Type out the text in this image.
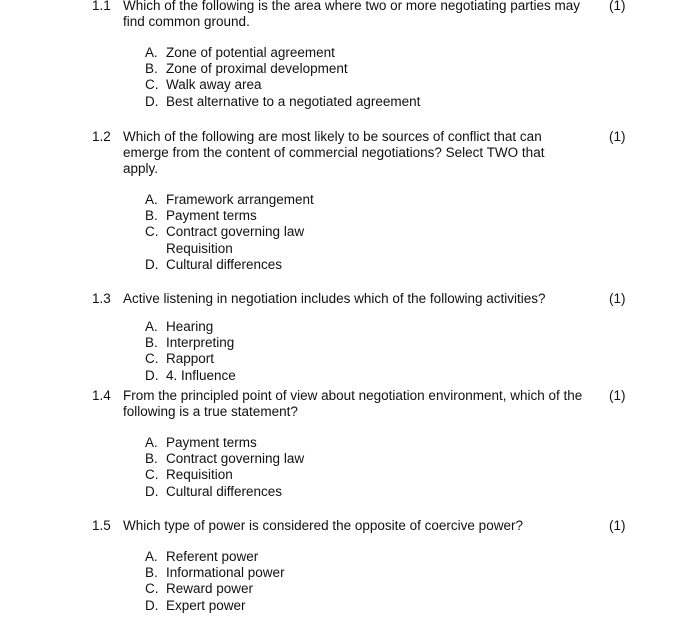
1.1 Which of the following is the area where two or more negotiating parties may find common ground.
(1)
A. Zone of potential agreement
B. Zone of proximal development
C. Walk away area
D. Best alternative to a negotiated agreement
1.2 Which of the following are most likely to be sources of conflict that can emerge from the content of commercial negotiations? Select TWO that apply.
(1)
A. Framework arrangement
B. Payment terms
C. Contract governing law
Requisition
D. Cultural differences
1.3 Active listening in negotiation includes which of the following activities?	(1)
A. Hearing
B. Interpreting
C. Rapport
D. 4. Influence
1.4 From the principled point of view about negotiation environment, which of the following is a true statement?
(1)
A. Payment terms
B. Contract governing law
C. Requisition
D. Cultural differences
1.5 Which type of power is considered the opposite of coercive power?	(1)
A. Referent power
B. Informational power
C. Reward power
D. Expert power
